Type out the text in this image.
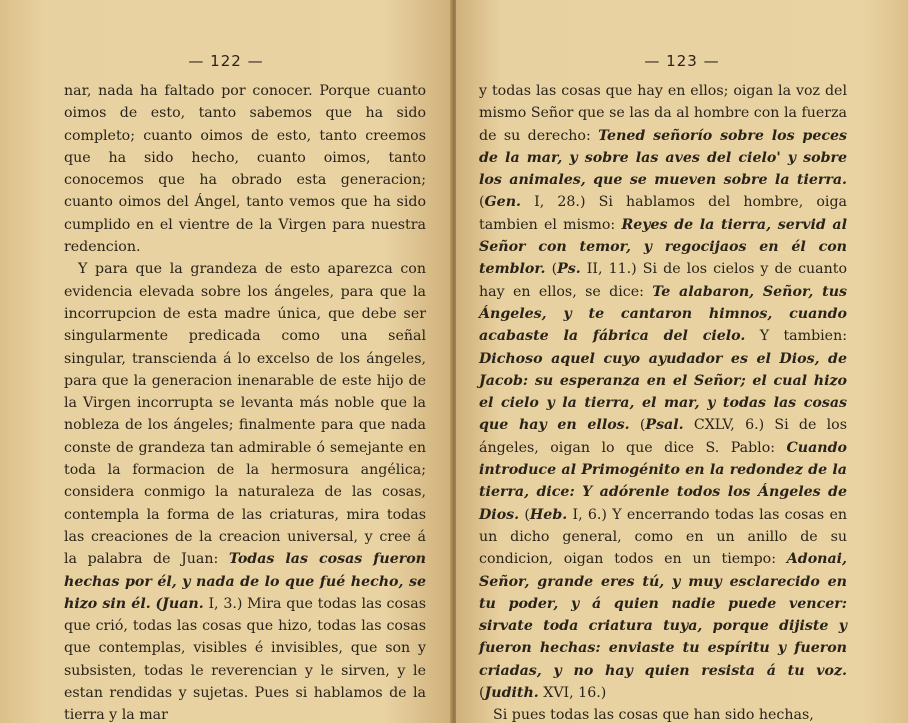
— 122 —

nar, nada ha faltado por conocer. Porque cuanto oimos de esto, tanto sabemos que ha sido completo; cuanto oimos de esto, tanto creemos que ha sido hecho, cuanto oimos, tanto conocemos que ha obrado esta generacion; cuanto oimos del Ángel, tanto vemos que ha sido cumplido en el vientre de la Virgen para nuestra redencion.

Y para que la grandeza de esto aparezca con evidencia elevada sobre los ángeles, para que la incorrupcion de esta madre única, que debe ser singularmente predicada como una señal singular, transcienda á lo excelso de los ángeles, para que la generacion inenarable de este hijo de la Virgen incorrupta se levanta más noble que la nobleza de los ángeles; finalmente para que nada conste de grandeza tan admirable ó semejante en toda la formacion de la hermosura angélica; considera conmigo la naturaleza de las cosas, contempla la forma de las criaturas, mira todas las creaciones de la creacion universal, y cree á la palabra de Juan: Todas las cosas fueron hechas por él, y nada de lo que fué hecho, se hizo sin él. (Juan. I, 3.) Mira que todas las cosas que crió, todas las cosas que hizo, todas las cosas que contemplas, visibles é invisibles, que son y subsisten, todas le reverencian y le sirven, y le estan rendidas y sujetas. Pues si hablamos de la tierra y la mar

— 123 —

y todas las cosas que hay en ellos; oigan la voz del mismo Señor que se las da al hombre con la fuerza de su derecho: Tened señorío sobre los peces de la mar, y sobre las aves del cielo' y sobre los animales, que se mueven sobre la tierra. (Gen. I, 28.) Si hablamos del hombre, oiga tambien el mismo: Reyes de la tierra, servid al Señor con temor, y regocijaos en él con temblor. (Ps. II, 11.) Si de los cielos y de cuanto hay en ellos, se dice: Te alabaron, Señor, tus Ángeles, y te cantaron himnos, cuando acabaste la fábrica del cielo. Y tambien: Dichoso aquel cuyo ayudador es el Dios, de Jacob: su esperanza en el Señor; el cual hizo el cielo y la tierra, el mar, y todas las cosas que hay en ellos. (Psal. CXLV, 6.) Si de los ángeles, oigan lo que dice S. Pablo: Cuando introduce al Primogénito en la redondez de la tierra, dice: Y adórenle todos los Ángeles de Dios. (Heb. I, 6.) Y encerrando todas las cosas en un dicho general, como en un anillo de su condicion, oigan todos en un tiempo: Adonai, Señor, grande eres tú, y muy esclarecido en tu poder, y á quien nadie puede vencer: sirvate toda criatura tuya, porque dijiste y fueron hechas: enviaste tu espíritu y fueron criadas, y no hay quien resista á tu voz. (Judith. XVI, 16.)

Si pues todas las cosas que han sido hechas,
